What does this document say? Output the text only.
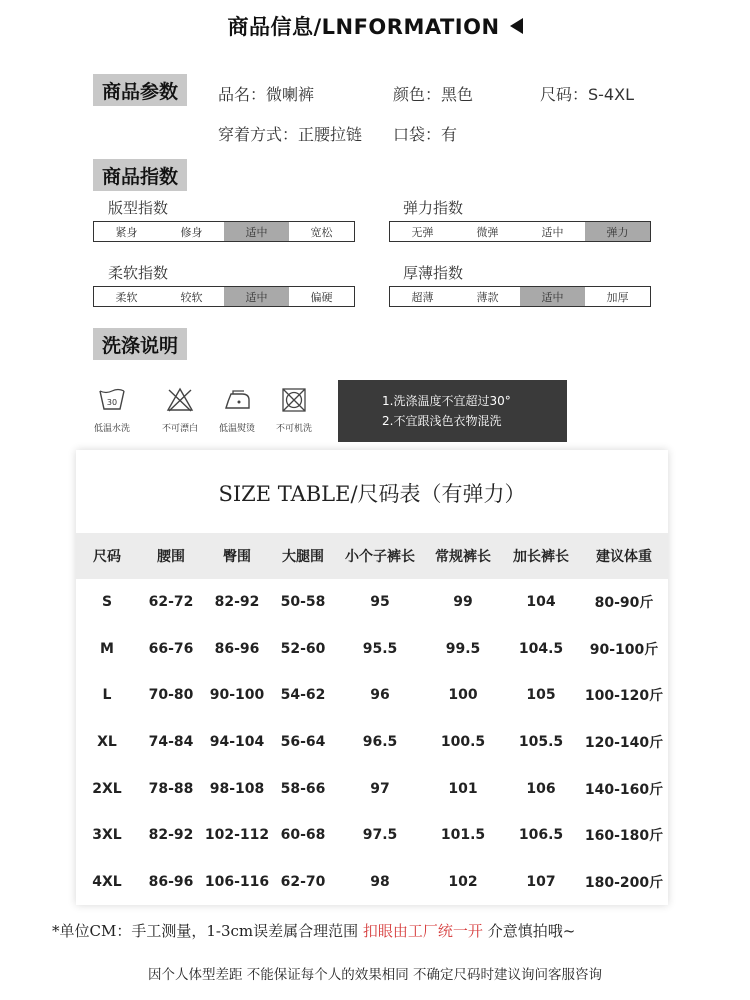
商品信息/LNFORMATION
商品参数	品名：微喇裤	颜色：黑色	尺码：S-4XL
穿着方式：正腰拉链 口袋：有
商品指数
版型指数
紧身	修身	适中	宽松
弹力指数
无弹	微弹	适中	弹力
柔软指数
柔软	较软	适中	偏硬
厚薄指数
超薄	薄款	适中	加厚
洗涤说明
30
低温水洗	不可漂白	低温熨烫	不可机洗
1.洗涤温度不宜超过30°
2.不宜跟浅色衣物混洗
SIZE TABLE/尺码表（有弹力）
尺码	腰围	臀围	大腿围	小个子裤长	常规裤长	加长裤长	建议体重
S	62-72	82-92	50-58	95	99	104	80-90斤
M	66-76	86-96	52-60	95.5	99.5	104.5	90-100斤
L	70-80	90-100	54-62	96	100	105	100-120斤
XL	74-84	94-104	56-64	96.5	100.5	105.5	120-140斤
2XL	78-88	98-108	58-66	97	101	106	140-160斤
3XL	82-92	102-112	60-68	97.5	101.5	106.5	160-180斤
4XL	86-96	106-116	62-70	98	102	107	180-200斤
*单位CM：手工测量，1-3cm误差属合理范围 扣眼由工厂统一开 介意慎拍哦~
因个人体型差距 不能保证每个人的效果相同 不确定尺码时建议询问客服咨询
